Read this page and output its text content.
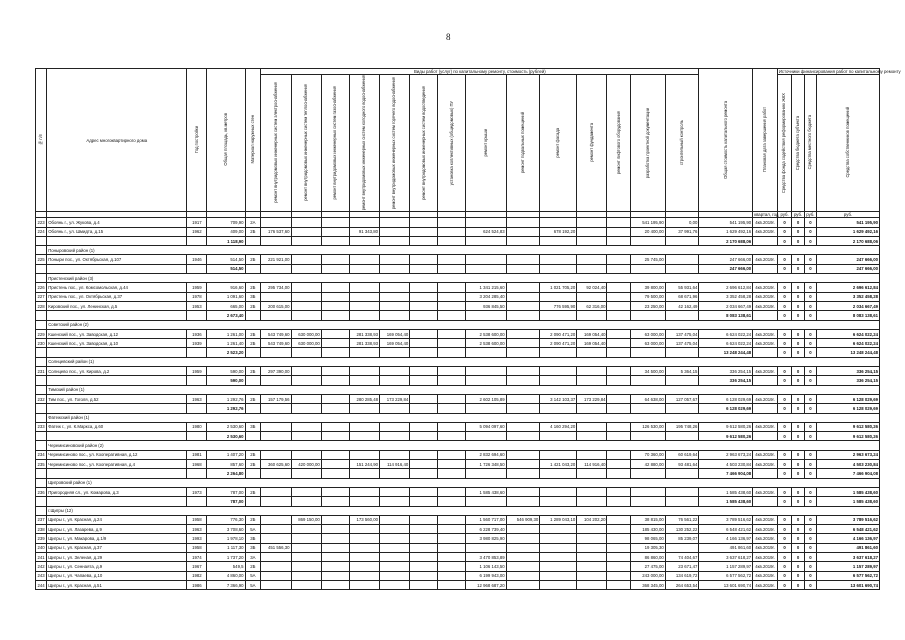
8
№ п/п	Адрес многоквартирного дома	Год постройки	Общая площадь, кв.метров	Материал наружных стен	Виды работ (услуг) по капитальному ремонту, стоимость (рублей)														Общая стоимость капитального ремонта	Плановая дата завершения работ	Источники финансирования работ по капитальному ремонту			
					ремонт внутридомовых инженерных систем электроснабжения	ремонт внутридомовых инженерных систем теплоснабжения	ремонт внутридомовых инженерных систем газоснабжения	ремонт внутридомовых инженерных систем холодного водоснабжения	ремонт внутридомовых инженерных систем горячего водоснабжения	ремонт внутридомовых инженерных систем водоотведения	установка коллективных (общедомовых) ПУ	ремонт крыши	ремонт подвальных помещений	ремонт фасада	ремонт фундамента	ремонт лифтового оборудования	разработка проектной документации	строительный контроль			Средства фонда содействия реформированию ЖКХ	Средства бюджета субъекта	Средства местного бюджета	Средства собственников помещений
																				квартал, год	руб.	руб.	руб.	руб.
223	Обоянь г., ул. Жукова, д.4	1917	709,90	2А													541 195,90	0,00	541 195,90	4кв.2019г.	0	0	0	541 195,90
224	Обоянь г., ул. Шмидта, д.15	1962	409,00	2Б	176 537,60			91 343,80				624 524,83		678 192,20			20 400,00	37 991,76	1 629 492,16	4кв.2019г.	0	0	0	1 629 492,16
			1 118,90																2 170 688,06		0	0	0	2 170 688,06
	Поныровский район (1)																							
225	Поныри пос., ул. Октябрьская, д.107	1946	514,50	2Б	221 921,00												25 745,00		247 666,00	4кв.2019г.	0	0	0	247 666,00
			514,50																247 666,00		0	0	0	247 666,00
	Пристенский район (3)																							
226	Пристень пос., ул. Комсомольская, д.44	1959	916,60	2Б	295 734,00							1 341 215,60		1 021 705,20	92 024,40		39 800,00	55 931,64	2 696 612,84	4кв.2019г.	0	0	0	2 696 612,84
227	Пристень пос., ул. Октябрьская, д.37	1978	1 091,60	3Б								3 204 285,40					79 500,00	68 671,96	3 352 458,28	4кв.2019г.	0	0	0	3 352 458,28
228	Кировский пос., ул. Ленинская, д.5	1953	665,00	2Б	200 615,00							936 845,50		776 595,90	62 316,00		23 250,00	42 162,49	2 034 667,49	4кв.2019г.	0	0	0	2 034 667,49
			2 673,40																8 083 138,61		0	0	0	8 083 138,61
	Советский район (2)																							
229	Кшенский пос., ул. Заводская, д.12	1936	1 261,00	2Б	543 749,60	630 000,00		281 338,93	169 054,40			2 538 600,00		2 090 471,20	169 054,40		63 000,00	137 475,04	6 624 022,24	4кв.2019г.	0	0	0	6 624 022,24
230	Кшенский пос., ул. Заводская, д.10	1939	1 261,40	2Б	543 749,60	630 000,00		281 338,93	169 054,40			2 538 600,00		2 090 471,20	169 054,40		63 000,00	137 475,04	6 624 022,24	4кв.2019г.	0	0	0	6 624 022,24
			2 523,20																13 248 244,48		0	0	0	13 248 244,48
	Солнцевский район (1)																							
231	Солнцево пос., ул. Кирова, д.2	1959	590,00	2Б	297 390,00												34 500,00	5 364,15	336 254,15	4кв.2019г.	0	0	0	336 254,15
			590,00																336 254,15		0	0	0	336 254,15
	Тимский район (1)																							
232	Тим пос., ул. Гоголя, д.52	1963	1 292,76	2Б	157 179,56			280 285,48	173 229,84			2 602 105,89		3 142 103,37	173 229,84		64 638,00	127 057,67	6 128 029,69	4кв.2019г.	0	0	0	6 128 029,69
			1 292,76																6 128 029,69		0	0	0	6 128 029,69
	Фатежский район (1)																							
233	Фатеж г., ул. К.Маркса, д.60	1980	2 530,60	3Б								5 094 097,60		4 160 294,20			126 530,00	195 748,26	9 612 580,26	4кв.2019г.	0	0	0	9 612 580,26
			2 530,60																9 612 580,26		0	0	0	9 612 580,26
	Черемисиновский район (2)																							
234	Черемисиново пос., ул. Кооперативная, д.12	1981	1 407,20	2Б								2 832 694,60					70 360,00	60 619,64	2 963 673,24	4кв.2019г.	0	0	0	2 963 673,24
235	Черемисиново пос., ул. Кооперативная, д.4	1968	857,60	2Б	360 625,60	420 000,00		151 244,90	114 916,40			1 726 348,50		1 421 043,20	114 916,40		42 880,00	93 481,64	4 503 230,84	4кв.2019г.	0	0	0	4 503 230,84
			2 264,80																7 466 904,08		0	0	0	7 466 904,08
	Щигровский район (1)																							
236	Пригородняя сл., ул. Комарова, д.3	1973	787,00	2Б								1 585 438,60							1 585 438,60	4кв.2019г.	0	0	0	1 585 438,60
			787,00																1 585 438,60		0	0	0	1 585 438,60
	г.Щигры (12)																							
237	Щигры г., ул. Красная, д.24	1958	776,30	2Б		869 150,00		173 560,00				1 560 717,00	546 909,30	1 289 043,10	104 202,20		38 815,00	76 561,22	3 789 516,62	4кв.2019г.	0	0	0	3 789 516,62
238	Щигры г., ул. Лазарева, д.9	1963	3 708,60	5А								6 228 739,40					185 430,00	130 252,22	6 548 421,62	4кв.2019г.	0	0	0	6 548 421,62
239	Щигры г., ул. Макарова, д.1/9	1993	1 978,10	3Б								3 980 825,90					98 065,00	85 239,07	4 166 136,97	4кв.2019г.	0	0	0	4 166 136,97
240	Щигры г., ул. Красная, д.37	1958	1 117,30	3Б	451 556,30												19 305,30		491 861,60	4кв.2019г.	0	0	0	491 861,60
241	Щигры г., ул. Зеленая, д.29	1974	1 737,20	3А								3 470 853,89					86 860,00	74 404,67	3 637 618,27	4кв.2019г.	0	0	0	3 637 618,27
242	Щигры г., ул. Сеннаята, д.9	1967	549,5	2Б								1 106 143,50					27 475,00	23 671,47	1 157 289,97	4кв.2019г.	0	0	0	1 157 289,97
243	Щигры г., ул. Чапаева, д.10	1982	4 860,00	5А								6 199 943,00					243 000,00	134 619,72	6 577 562,72	4кв.2019г.	0	0	0	6 577 562,72
244	Щигры г., ул. Красная, д.51	1986	7 366,90	5А								12 968 687,20					368 345,00	264 653,54	13 601 690,74	4кв.2019г.	0	0	0	13 601 690,74
